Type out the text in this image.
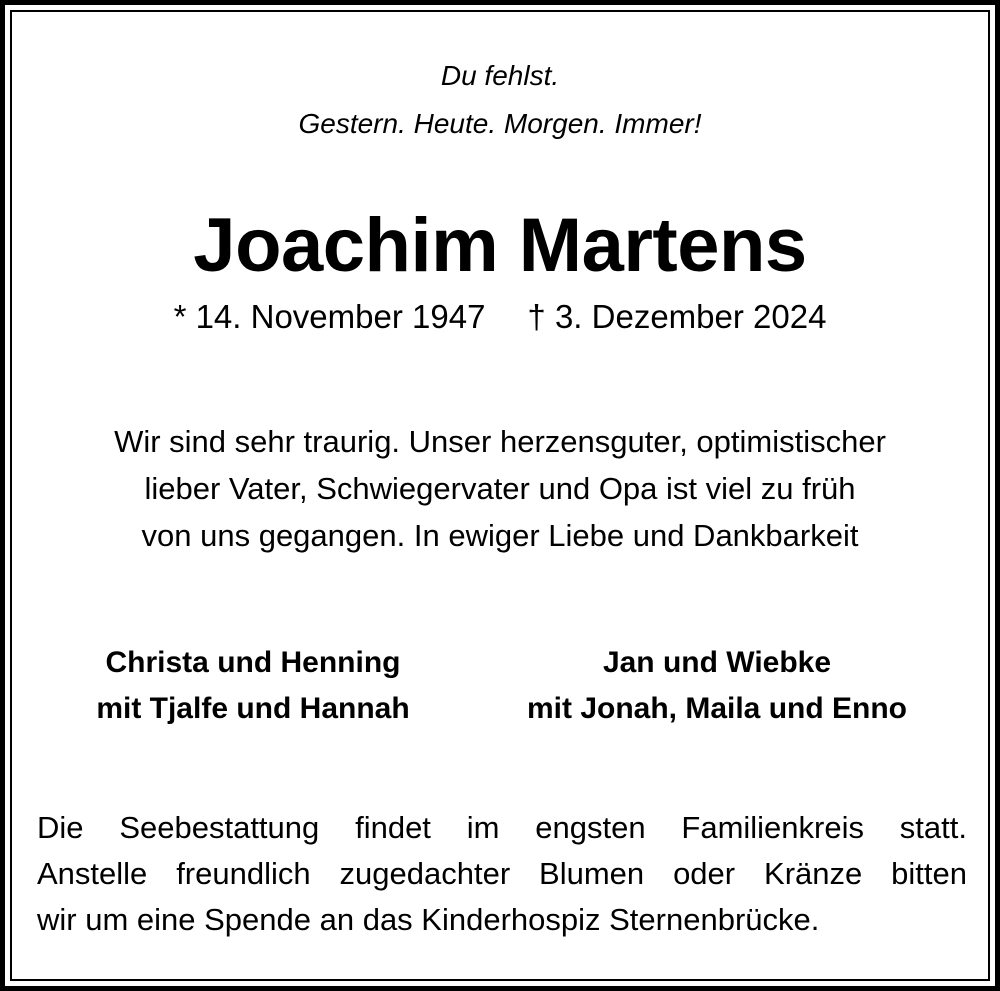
Du fehlst.
Gestern. Heute. Morgen. Immer!
Joachim Martens
* 14. November 1947 † 3. Dezember 2024
Wir sind sehr traurig. Unser herzensguter, optimistischer
lieber Vater, Schwiegervater und Opa ist viel zu früh
von uns gegangen. In ewiger Liebe und Dankbarkeit
Christa und Henning
mit Tjalfe und Hannah
Jan und Wiebke
mit Jonah, Maila und Enno
Die Seebestattung findet im engsten Familienkreis statt.
Anstelle freundlich zugedachter Blumen oder Kränze bitten
wir um eine Spende an das Kinderhospiz Sternenbrücke.
